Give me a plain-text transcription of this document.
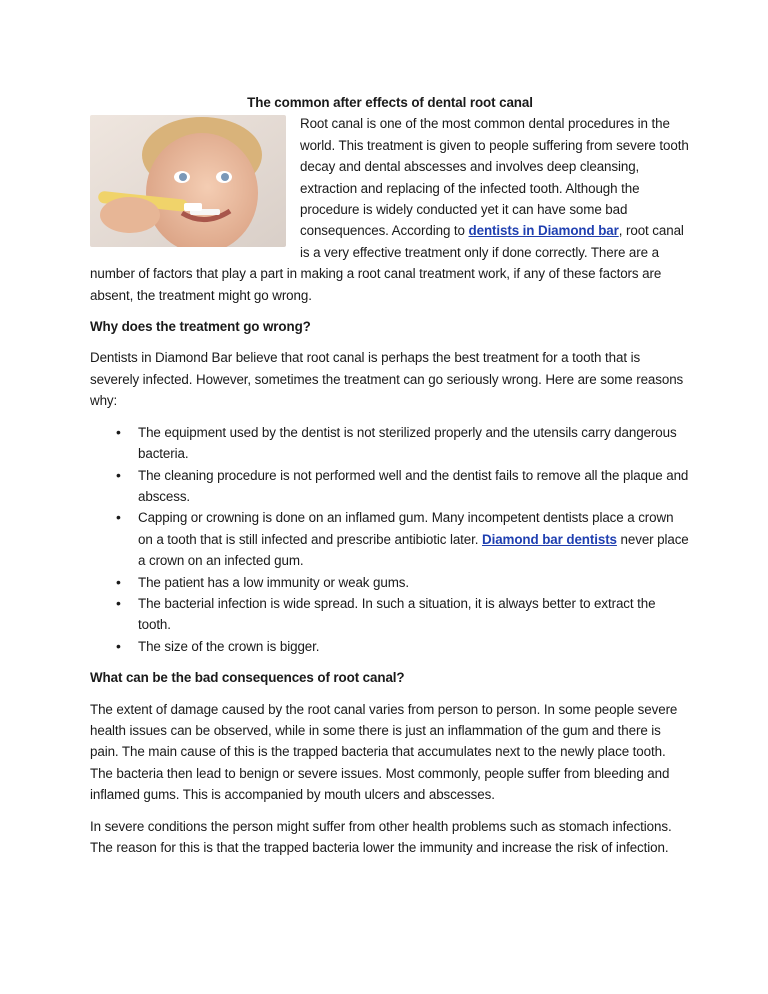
The common after effects of dental root canal

Root canal is one of the most common dental procedures in the world. This treatment is given to people suffering from severe tooth decay and dental abscesses and involves deep cleansing, extraction and replacing of the infected tooth. Although the procedure is widely conducted yet it can have some bad consequences. According to dentists in Diamond bar, root canal is a very effective treatment only if done correctly. There are a number of factors that play a part in making a root canal treatment work, if any of these factors are absent, the treatment might go wrong.

Why does the treatment go wrong?

Dentists in Diamond Bar believe that root canal is perhaps the best treatment for a tooth that is severely infected. However, sometimes the treatment can go seriously wrong. Here are some reasons why:

• The equipment used by the dentist is not sterilized properly and the utensils carry dangerous bacteria.
• The cleaning procedure is not performed well and the dentist fails to remove all the plaque and abscess.
• Capping or crowning is done on an inflamed gum. Many incompetent dentists place a crown on a tooth that is still infected and prescribe antibiotic later. Diamond bar dentists never place a crown on an infected gum.
• The patient has a low immunity or weak gums.
• The bacterial infection is wide spread. In such a situation, it is always better to extract the tooth.
• The size of the crown is bigger.
What can be the bad consequences of root canal?

The extent of damage caused by the root canal varies from person to person. In some people severe health issues can be observed, while in some there is just an inflammation of the gum and there is pain. The main cause of this is the trapped bacteria that accumulates next to the newly place tooth. The bacteria then lead to benign or severe issues. Most commonly, people suffer from bleeding and inflamed gums. This is accompanied by mouth ulcers and abscesses.

In severe conditions the person might suffer from other health problems such as stomach infections. The reason for this is that the trapped bacteria lower the immunity and increase the risk of infection.
